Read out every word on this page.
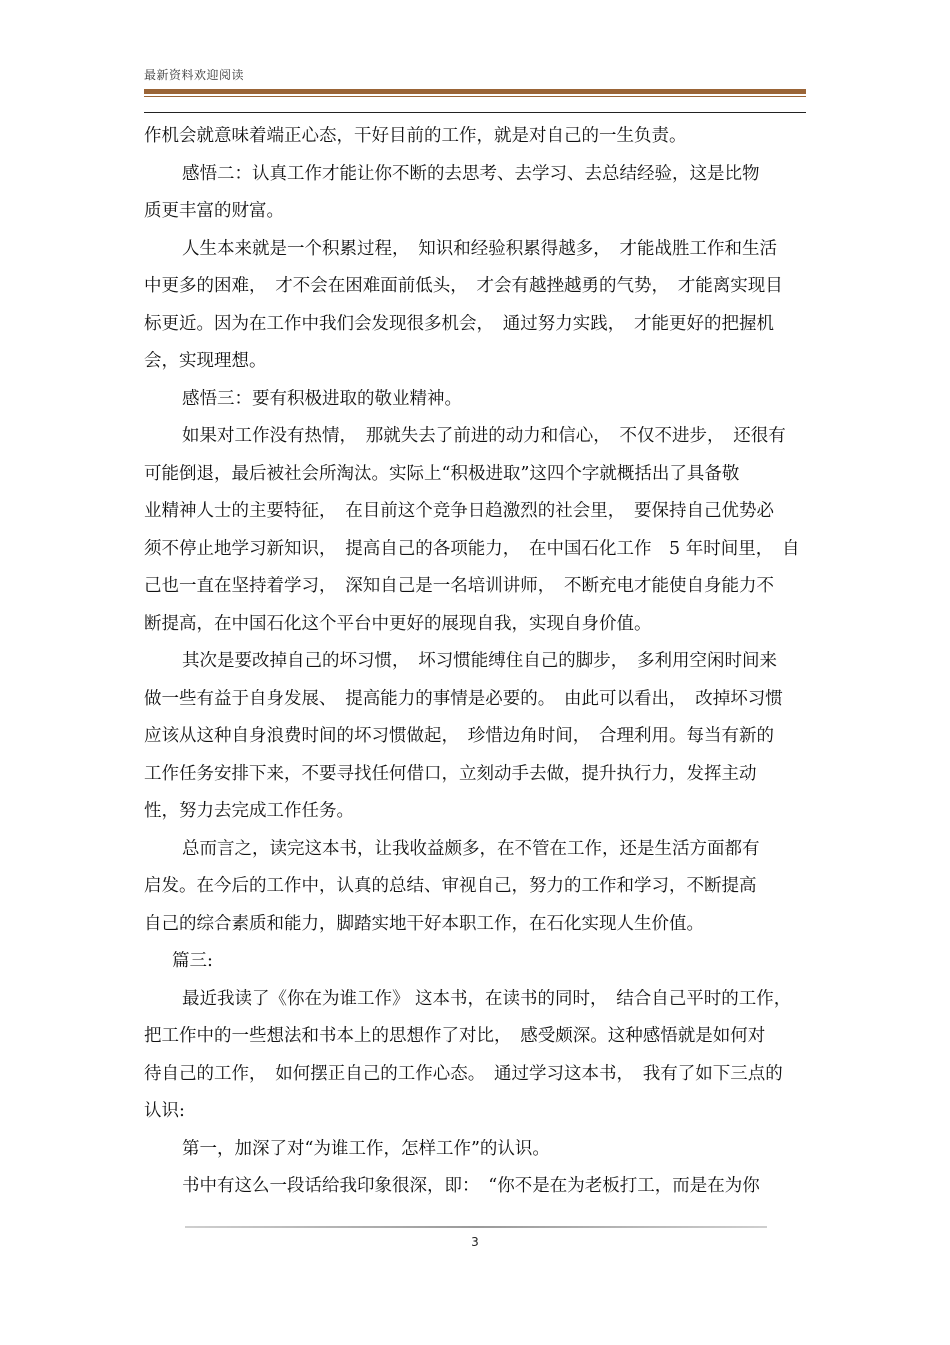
最新资料欢迎阅读
作机会就意味着端正心态，干好目前的工作，就是对自己的一生负责。
感悟二：认真工作才能让你不断的去思考、去学习、去总结经验，这是比物
质更丰富的财富。
人生本来就是一个积累过程，　知识和经验积累得越多，　才能战胜工作和生活
中更多的困难，　才不会在困难面前低头，　才会有越挫越勇的气势，　才能离实现目
标更近。因为在工作中我们会发现很多机会，　通过努力实践，　才能更好的把握机
会，实现理想。
感悟三：要有积极进取的敬业精神。
如果对工作没有热情，　那就失去了前进的动力和信心，　不仅不进步，　还很有
可能倒退，最后被社会所淘汰。实际上“积极进取”这四个字就概括出了具备敬
业精神人士的主要特征，　在目前这个竞争日趋激烈的社会里，　要保持自己优势必
须不停止地学习新知识，　提高自己的各项能力，　在中国石化工作　5 年时间里，　自
己也一直在坚持着学习，　深知自己是一名培训讲师，　不断充电才能使自身能力不
断提高，在中国石化这个平台中更好的展现自我，实现自身价值。
其次是要改掉自己的坏习惯，　坏习惯能缚住自己的脚步，　多利用空闲时间来
做一些有益于自身发展、　提高能力的事情是必要的。　由此可以看出，　改掉坏习惯
应该从这种自身浪费时间的坏习惯做起，　珍惜边角时间，　合理利用。每当有新的
工作任务安排下来，不要寻找任何借口，立刻动手去做，提升执行力，发挥主动
性，努力去完成工作任务。
总而言之，读完这本书，让我收益颇多，在不管在工作，还是生活方面都有
启发。在今后的工作中，认真的总结、审视自己，努力的工作和学习，不断提高
自己的综合素质和能力，脚踏实地干好本职工作，在石化实现人生价值。
篇三:
最近我读了《你在为谁工作》 这本书，在读书的同时，　结合自己平时的工作，
把工作中的一些想法和书本上的思想作了对比，　感受颇深。这种感悟就是如何对
待自己的工作，　如何摆正自己的工作心态。　通过学习这本书，　我有了如下三点的
认识:
第一，加深了对“为谁工作，怎样工作”的认识。
书中有这么一段话给我印象很深，即：　“你不是在为老板打工，而是在为你
3
